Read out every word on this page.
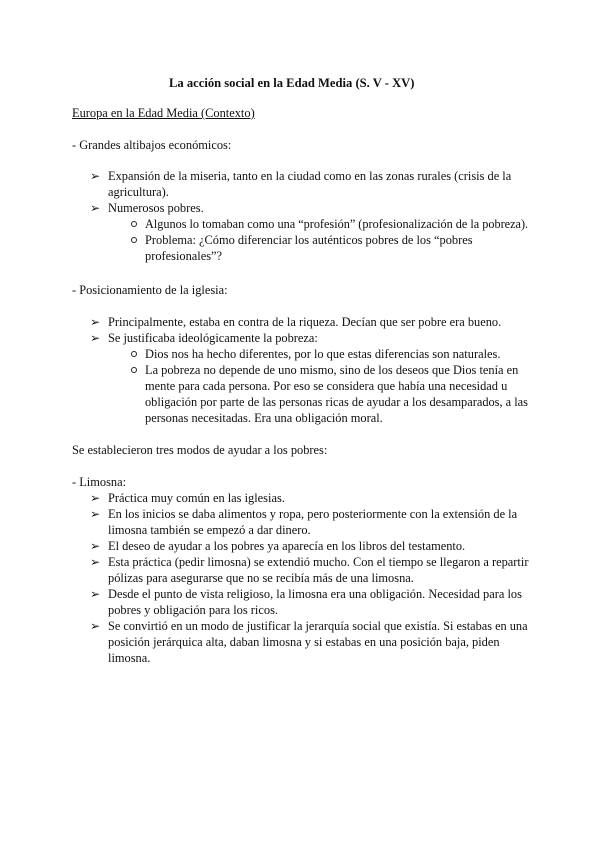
La acción social en la Edad Media (S. V - XV)
Europa en la Edad Media (Contexto)
- Grandes altibajos económicos:
➢ Expansión de la miseria, tanto en la ciudad como en las zonas rurales (crisis de la
agricultura).
➢ Numerosos pobres.
Algunos lo tomaban como una “profesión” (profesionalización de la pobreza).
Problema: ¿Cómo diferenciar los auténticos pobres de los “pobres
profesionales”?
- Posicionamiento de la iglesia:
➢ Principalmente, estaba en contra de la riqueza. Decían que ser pobre era bueno.
➢ Se justificaba ideológicamente la pobreza:
Dios nos ha hecho diferentes, por lo que estas diferencias son naturales.
La pobreza no depende de uno mismo, sino de los deseos que Dios tenía en
mente para cada persona. Por eso se considera que había una necesidad u
obligación por parte de las personas ricas de ayudar a los desamparados, a las
personas necesitadas. Era una obligación moral.
Se establecieron tres modos de ayudar a los pobres:
- Limosna:
➢ Práctica muy común en las iglesias.
➢ En los inicios se daba alimentos y ropa, pero posteriormente con la extensión de la
limosna también se empezó a dar dinero.
➢ El deseo de ayudar a los pobres ya aparecía en los libros del testamento.
➢ Esta práctica (pedir limosna) se extendió mucho. Con el tiempo se llegaron a repartir
pólizas para asegurarse que no se recibía más de una limosna.
➢ Desde el punto de vista religioso, la limosna era una obligación. Necesidad para los
pobres y obligación para los ricos.
➢ Se convirtió en un modo de justificar la jerarquía social que existía. Si estabas en una
posición jerárquica alta, daban limosna y si estabas en una posición baja, piden
limosna.
